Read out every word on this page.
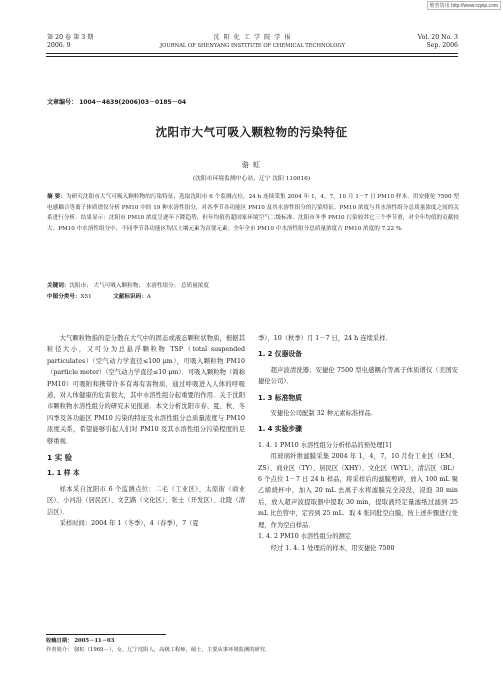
维普资讯 http://www.cqvip.com
第 20 卷 第 3 期
2006. 9
沈 阳 化 工 学 院 学 报
JOURNAL OF SHENYANG INSTITUTE OF CHEMICAL TECHNOLOGY
Vol. 20 No. 3
Sep. 2006
文章编号： 1004－4639(2006)03－0185－04
沈阳市大气可吸入颗粒物的污染特征
骆 虹
(沈阳市环境监测中心站，辽宁 沈阳 110016)
摘 要：为研究沈阳市大气可吸入颗粒物的污染特征，选取沈阳市 6 个监测点位，24 h 连续采集 2004 年 1，4，7，10 月 1－7 日 PM10 样本．用安捷伦 7500 型电感耦合等离子体质谱仪分析 PM10 中的 19 种水溶性组分，对各季节各功能区 PM10 及其水溶性组分的污染特征、PM10 浓度与其水溶性组分总质量浓度之间的关系进行分析．结果显示：沈阳市 PM10 浓度呈逐年下降趋势，但年均值仍超国家环境空气二级标准．沈阳市冬季 PM10 污染较其它三个季节重，对全年均值的贡献较大；PM10 中水溶性组分中，不同季节各功能区均以土壤元素为首要元素；全年全市 PM10 中水溶性组分总质量浓度占 PM10 浓度的 7.22 %．
关键词：沈阳市； 大气可吸入颗粒物； 水溶性组分； 总质量浓度
中图分类号：X51	文献标识码：A

大气颗粒物指的是分散在大气中的固态或液态颗粒状物质，根据其粒径大小，又可分为总悬浮颗粒物 TSP（total suspended particulates）（空气动力学直径≤100 μm），可吸入颗粒物 PM10（particle meter）（空气动力学直径≤10 μm）．可吸入颗粒物（简称 PM10）可吸附和携带许多有毒有害物质，通过呼吸进入人体的呼吸道，对人体健康的危害很大，其中水溶性组分起重要的作用．关于沈阳市颗粒物水溶性组分的研究未见报道．本文分析沈阳市春、夏、秋、冬四季及各功能区 PM10 污染的特征及水溶性组分总质量浓度与 PM10 浓度关系，希望能够引起人们对 PM10 及其水溶性组分污染程度的足够重视．

1 实 验
1. 1 样 本

样本采自沈阳市 6 个监测点位：二毛（工业区）、太原街（商业区）、小河沿（居民区）、文艺路（文化区）、张士（开发区）、北陵（清洁区）．

采样时间：2004 年 1（冬季），4（春季），7（夏

季），10（秋季）月 1－7 日，24 h 连续采样．
1. 2 仪器设备

超声波清洗器；安捷伦 7500 型电感耦合等离子体质谱仪（美国安捷伦公司）．

1. 3 标准物质

安捷伦公司配制 32 种元素标准样品．

1. 4 实验步骤
1. 4. 1 PM10 水溶性组分分析样品的预处理[1]

用玻璃纤维滤膜采集 2004 年 1，4，7，10 月份工业区（EM、ZS）、商业区（TY）、居民区（XHY）、文化区（WYL）、清洁区（BL）6 个点位 1－7 日 24 h 样品，将采样后的滤膜剪碎，放入 100 mL 聚乙烯烧杯中，加入 20 mL 去离子水将滤膜完全浸没，浸泡 30 min 后，放入超声波提取器中提取 30 min，提取液经定量滤纸过滤到 25 mL 比色管中，定容到 25 mL．取 4 张同批空白膜，按上述步骤进行处理，作为空白样品．

1. 4. 2 PM10 水溶性组分的测定

经过 1. 4. 1 处理后的样本，用安捷伦 7500

收稿日期： 2005－11－03
作者简介： 骆虹（1969－），女，辽宁沈阳人，高级工程师，硕士，主要从事环境监测的研究．
